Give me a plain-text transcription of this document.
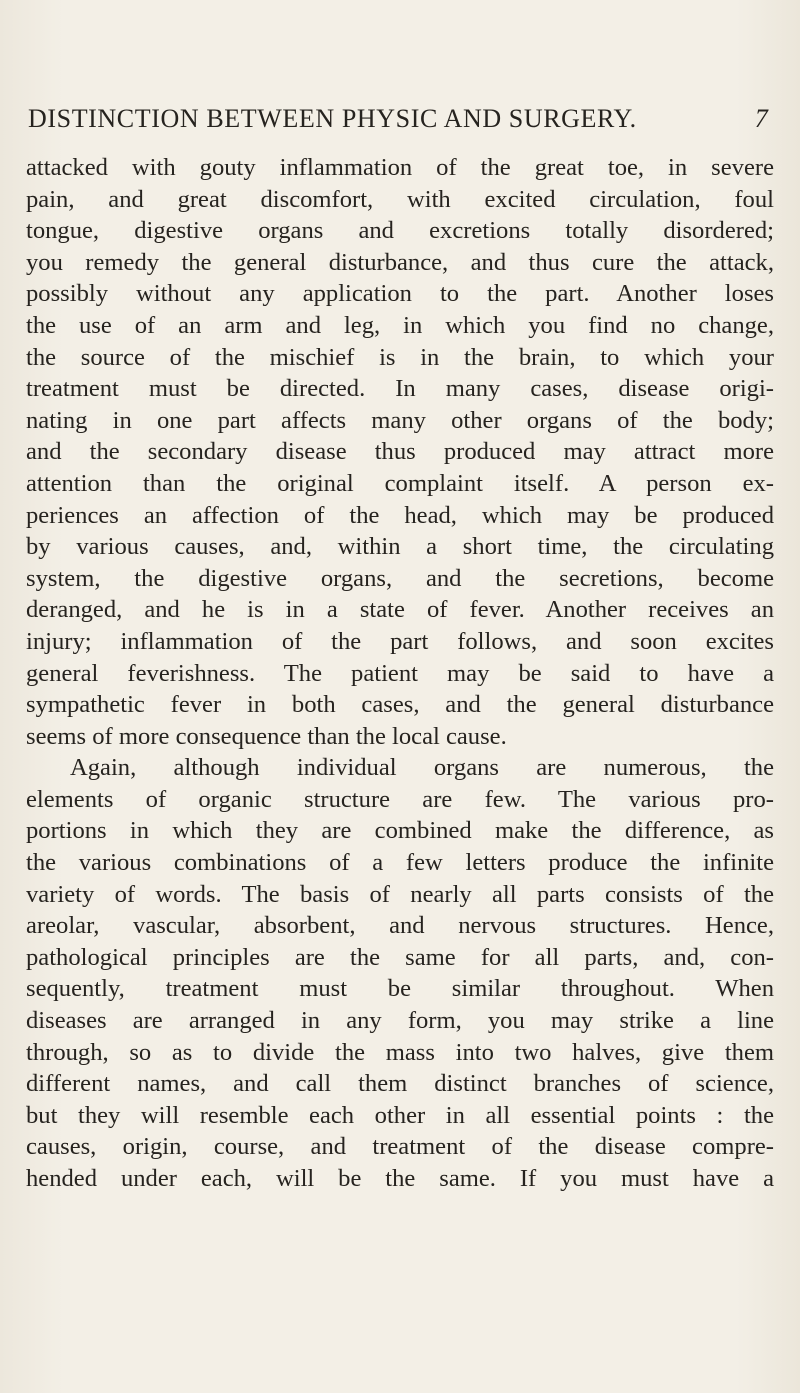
DISTINCTION BETWEEN PHYSIC AND SURGERY.	7
attacked with gouty inflammation of the great toe, in severe
pain, and great discomfort, with excited circulation, foul
tongue, digestive organs and excretions totally disordered;
you remedy the general disturbance, and thus cure the attack,
possibly without any application to the part. Another loses
the use of an arm and leg, in which you find no change,
the source of the mischief is in the brain, to which your
treatment must be directed. In many cases, disease origi-
nating in one part affects many other organs of the body;
and the secondary disease thus produced may attract more
attention than the original complaint itself. A person ex-
periences an affection of the head, which may be produced
by various causes, and, within a short time, the circulating
system, the digestive organs, and the secretions, become
deranged, and he is in a state of fever. Another receives an
injury; inflammation of the part follows, and soon excites
general feverishness. The patient may be said to have a
sympathetic fever in both cases, and the general disturbance
seems of more consequence than the local cause.
Again, although individual organs are numerous, the
elements of organic structure are few. The various pro-
portions in which they are combined make the difference, as
the various combinations of a few letters produce the infinite
variety of words. The basis of nearly all parts consists of the
areolar, vascular, absorbent, and nervous structures. Hence,
pathological principles are the same for all parts, and, con-
sequently, treatment must be similar throughout. When
diseases are arranged in any form, you may strike a line
through, so as to divide the mass into two halves, give them
different names, and call them distinct branches of science,
but they will resemble each other in all essential points : the
causes, origin, course, and treatment of the disease compre-
hended under each, will be the same. If you must have a
